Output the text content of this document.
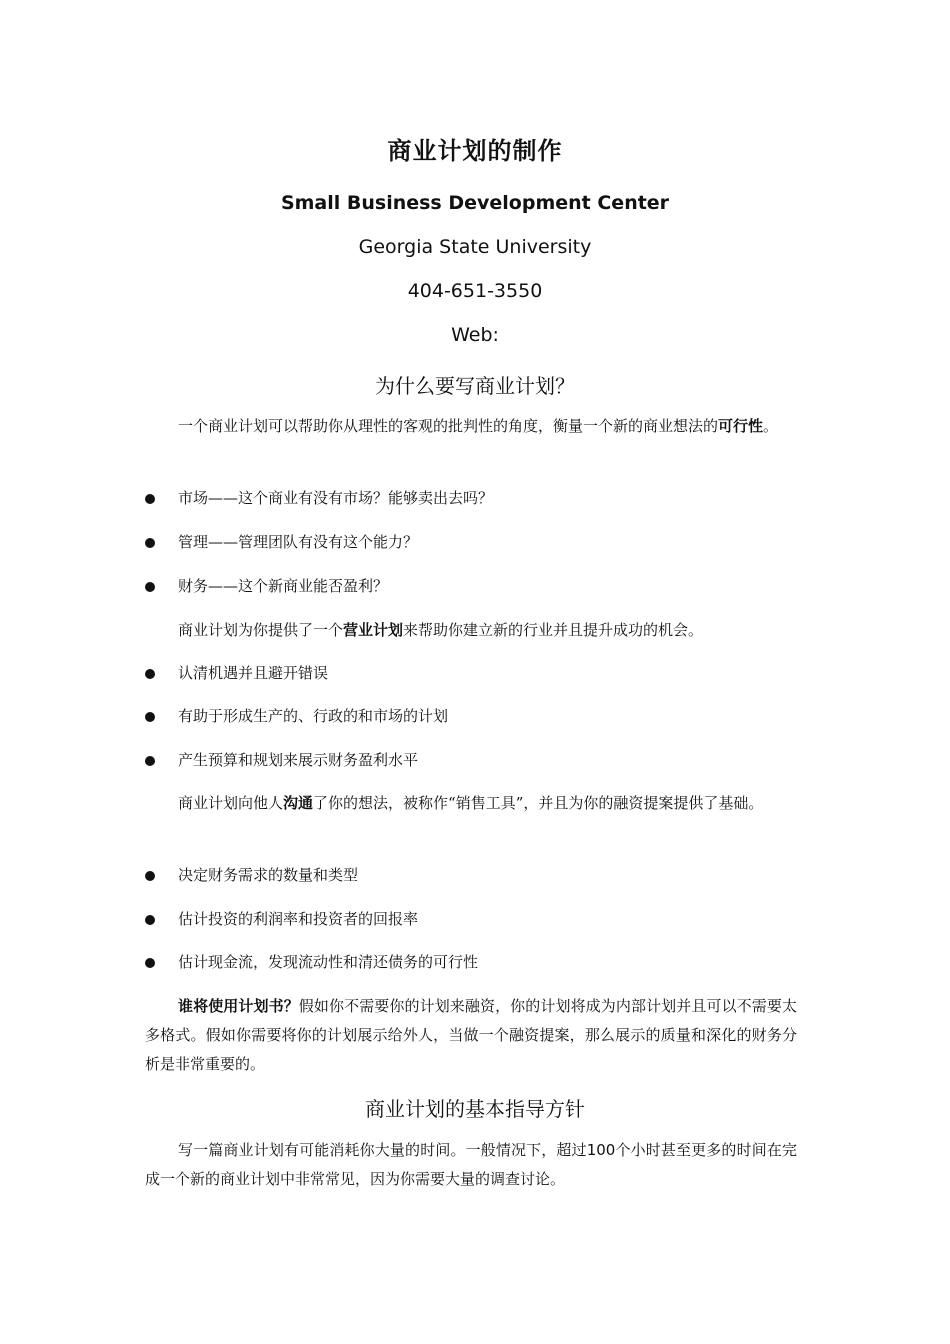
商业计划的制作
Small Business Development Center
Georgia State University
404-651-3550
Web:
为什么要写商业计划？
一个商业计划可以帮助你从理性的客观的批判性的角度，衡量一个新的商业想法的可行性。
市场——这个商业有没有市场？能够卖出去吗？
管理——管理团队有没有这个能力？
财务——这个新商业能否盈利？
商业计划为你提供了一个营业计划来帮助你建立新的行业并且提升成功的机会。
认清机遇并且避开错误
有助于形成生产的、行政的和市场的计划
产生预算和规划来展示财务盈利水平
商业计划向他人沟通了你的想法，被称作“销售工具”，并且为你的融资提案提供了基础。
决定财务需求的数量和类型
估计投资的利润率和投资者的回报率
估计现金流，发现流动性和清还债务的可行性
谁将使用计划书？假如你不需要你的计划来融资，你的计划将成为内部计划并且可以不需要太多格式。假如你需要将你的计划展示给外人，当做一个融资提案，那么展示的质量和深化的财务分析是非常重要的。
商业计划的基本指导方针
写一篇商业计划有可能消耗你大量的时间。一般情况下，超过100个小时甚至更多的时间在完成一个新的商业计划中非常常见，因为你需要大量的调查讨论。
